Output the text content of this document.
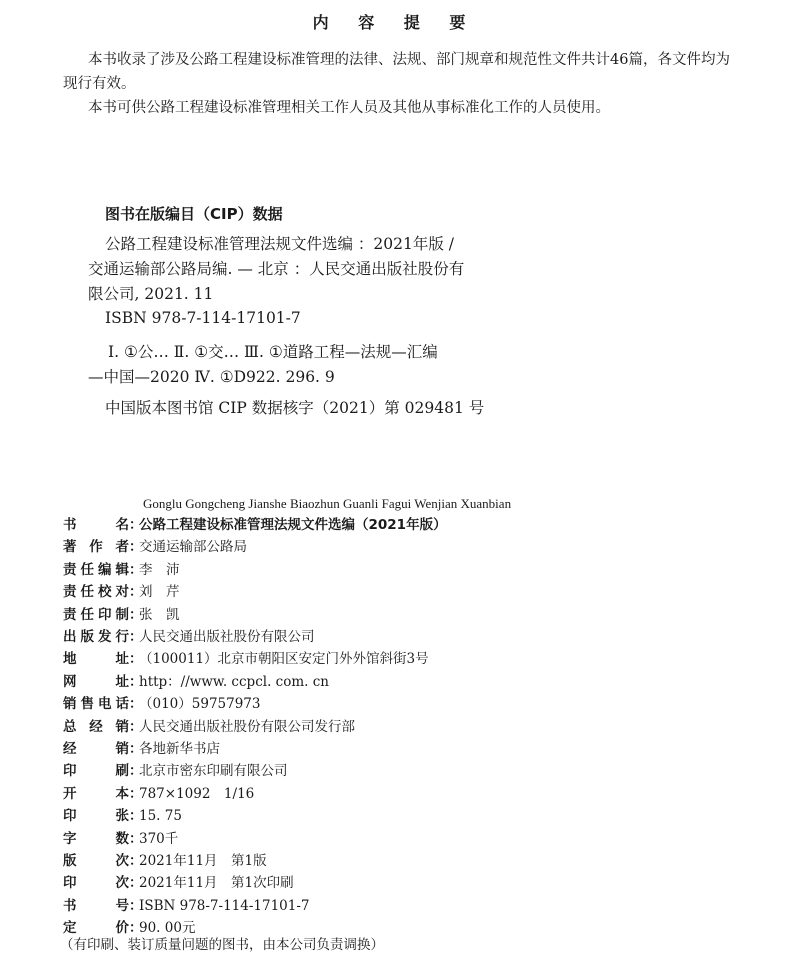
内 容 提 要
本书收录了涉及公路工程建设标准管理的法律、法规、部门规章和规范性文件共计46篇，各文件均为
现行有效。
本书可供公路工程建设标准管理相关工作人员及其他从事标准化工作的人员使用。
图书在版编目（CIP）数据
公路工程建设标准管理法规文件选编 ：2021年版 /
交通运输部公路局编. — 北京 ：人民交通出版社股份有
限公司, 2021. 11
ISBN 978-7-114-17101-7
Ⅰ. ①公… Ⅱ. ①交… Ⅲ. ①道路工程—法规—汇编
—中国—2020 Ⅳ. ①D922. 296. 9
中国版本图书馆 CIP 数据核字（2021）第 029481 号
Gonglu Gongcheng Jianshe Biaozhun Guanli Fagui Wenjian Xuanbian
书名 ：
公路工程建设标准管理法规文件选编（2021年版）
著作者 ：
交通运输部公路局
责任编辑 ：
李　沛
责任校对 ：
刘　芹
责任印制 ：
张　凯
出版发行 ：
人民交通出版社股份有限公司
地址 ：
（100011）北京市朝阳区安定门外外馆斜街3号
网址 ：
http：//www. ccpcl. com. cn
销售电话 ：
（010）59757973
总经销 ：
人民交通出版社股份有限公司发行部
经销 ：
各地新华书店
印刷 ：
北京市密东印刷有限公司
开本 ：
787×1092　1/16
印张 ：
15. 75
字数 ：
370千
版次 ：
2021年11月　第1版
印次 ：
2021年11月　第1次印刷
书号 ：
ISBN 978-7-114-17101-7
定价 ：
90. 00元
（有印刷、装订质量问题的图书，由本公司负责调换）
